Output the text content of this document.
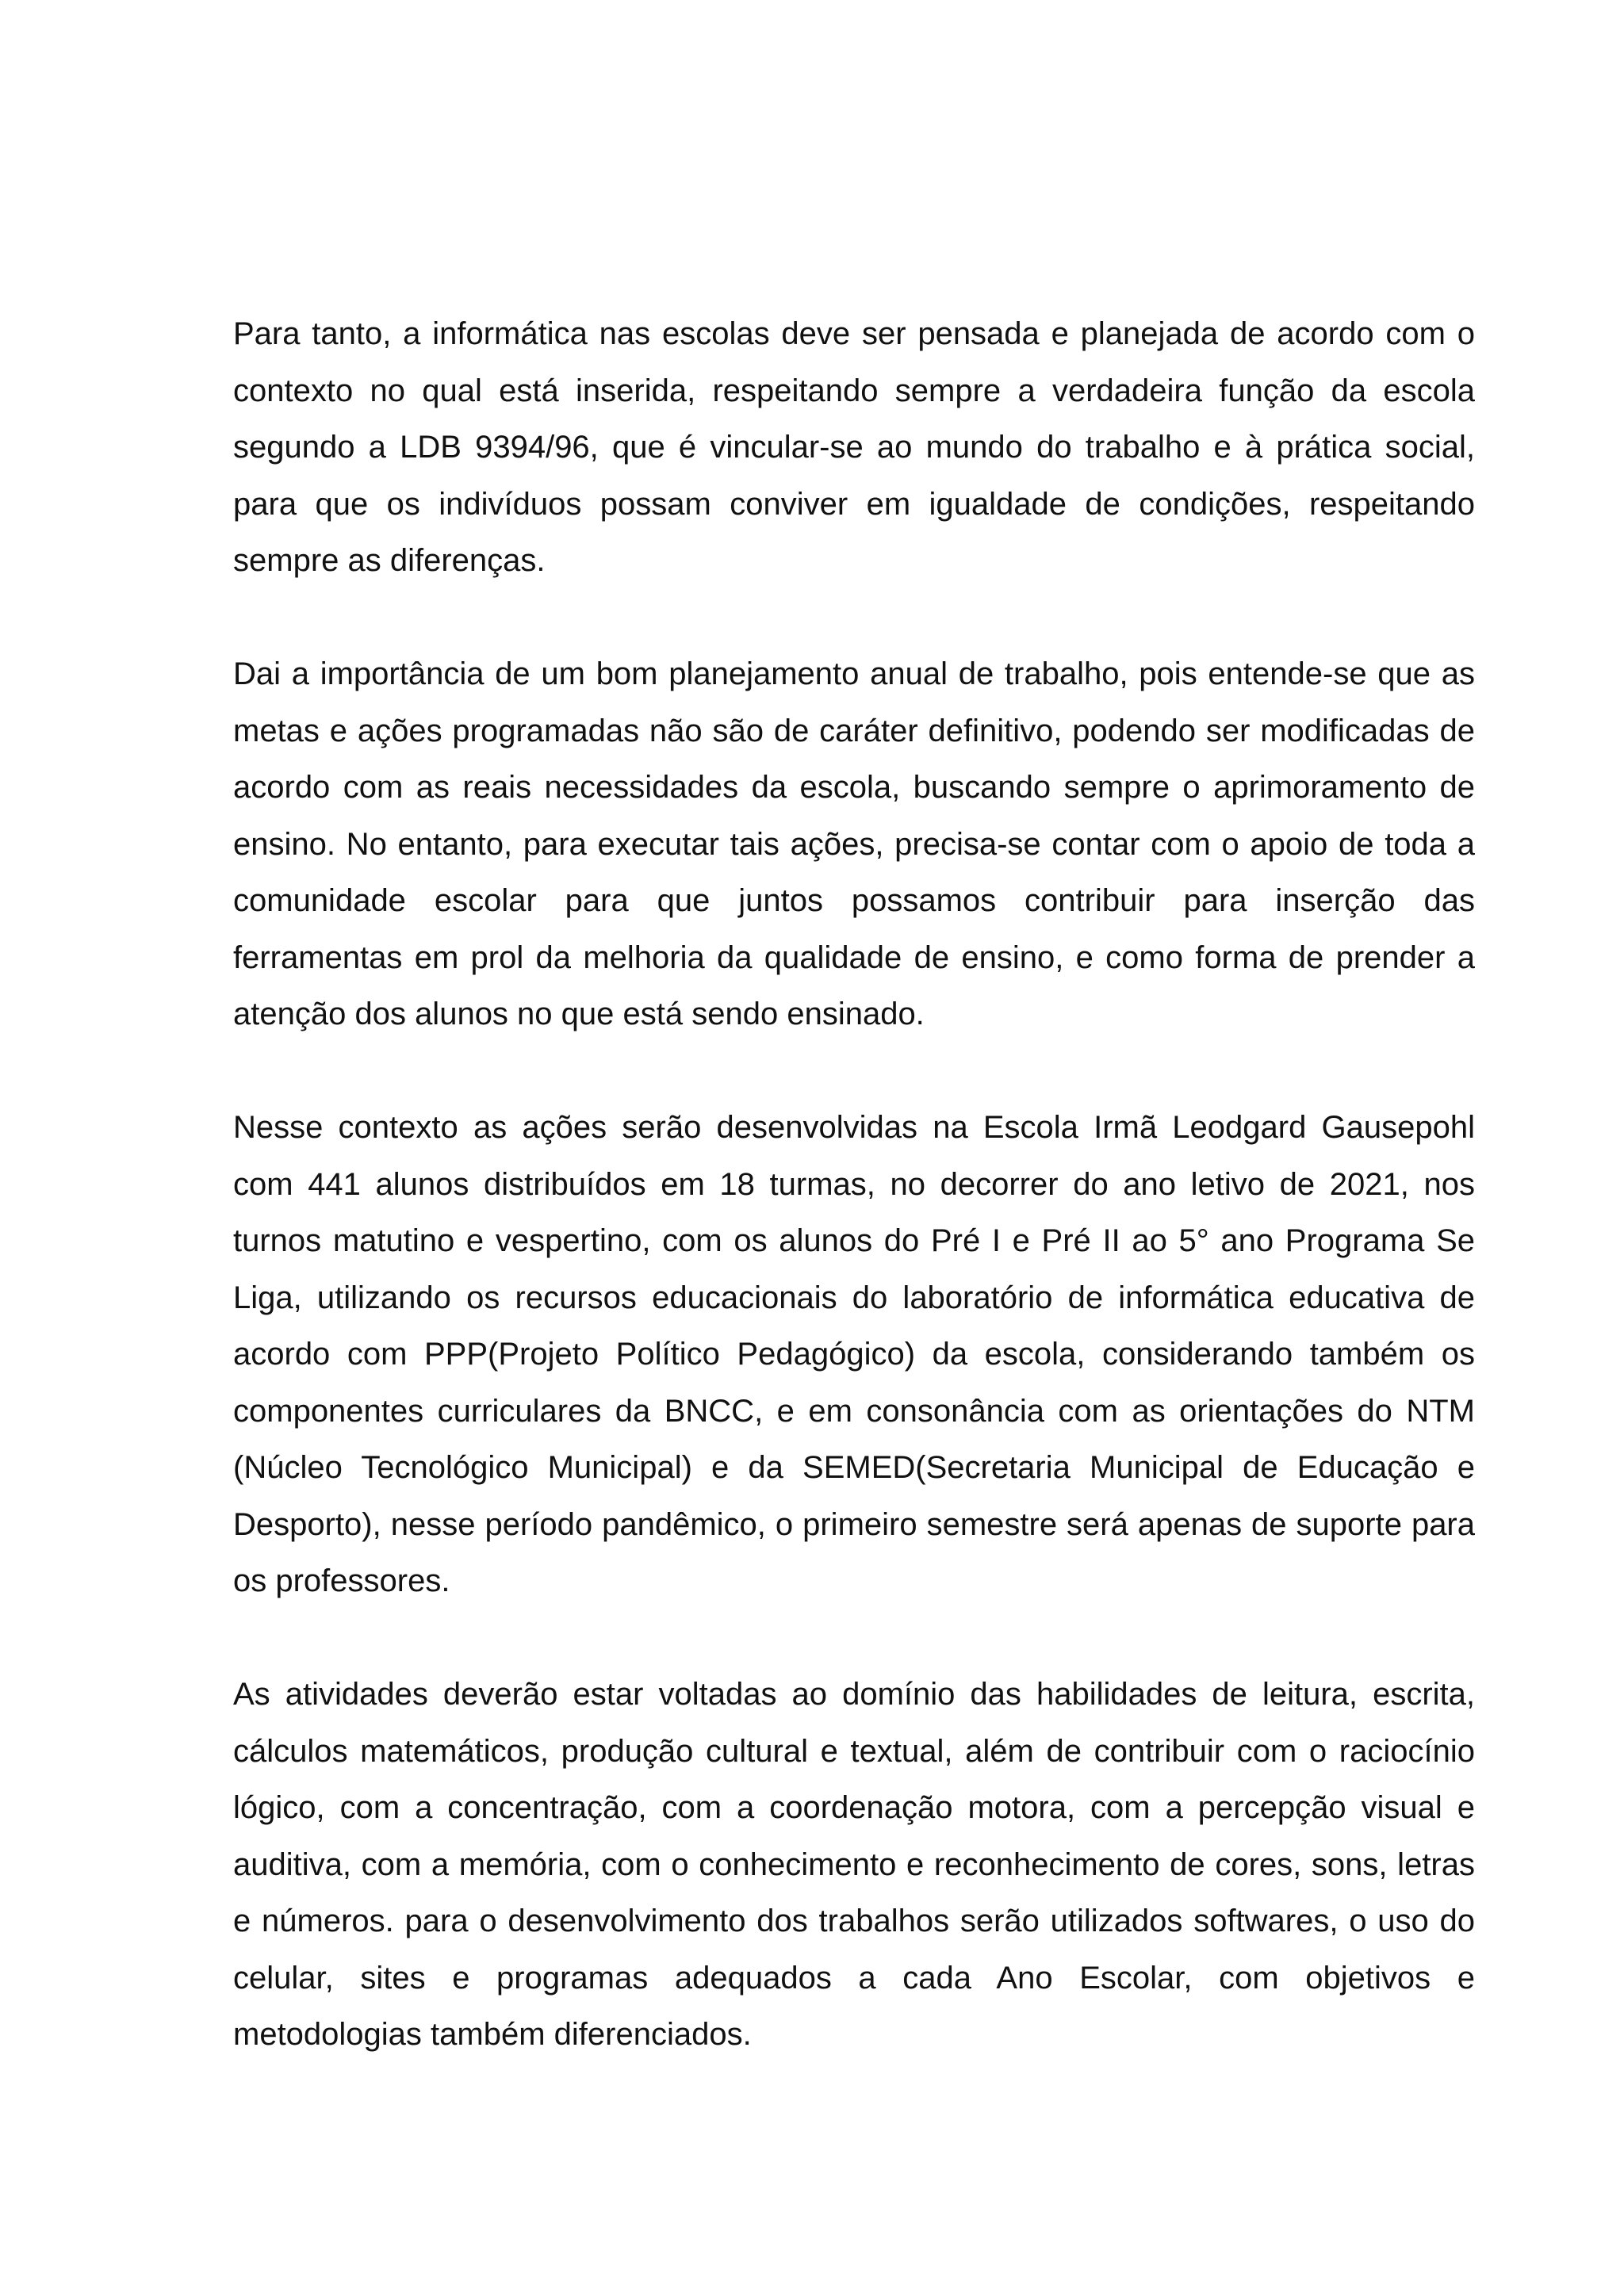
Para tanto, a informática nas escolas deve ser pensada e planejada de acordo com o contexto no qual está inserida, respeitando sempre a verdadeira função da escola segundo a LDB 9394/96, que é vincular-se ao mundo do trabalho e à prática social, para que os indivíduos possam conviver em igualdade de condições, respeitando sempre as diferenças.

Dai a importância de um bom planejamento anual de trabalho, pois entende-se que as metas e ações programadas não são de caráter definitivo, podendo ser modificadas de acordo com as reais necessidades da escola, buscando sempre o aprimoramento de ensino. No entanto, para executar tais ações, precisa-se contar com o apoio de toda a comunidade escolar para que juntos possamos contribuir para inserção das ferramentas em prol da melhoria da qualidade de ensino, e como forma de prender a atenção dos alunos no que está sendo ensinado.

Nesse contexto as ações serão desenvolvidas na Escola Irmã Leodgard Gausepohl com 441 alunos distribuídos em 18 turmas, no decorrer do ano letivo de 2021, nos turnos matutino e vespertino, com os alunos do Pré I e Pré II ao 5° ano Programa Se Liga, utilizando os recursos educacionais do laboratório de informática educativa de acordo com PPP(Projeto Político Pedagógico) da escola, considerando também os componentes curriculares da BNCC, e em consonância com as orientações do NTM (Núcleo Tecnológico Municipal) e da SEMED(Secretaria Municipal de Educação e Desporto), nesse período pandêmico, o primeiro semestre será apenas de suporte para os professores.

As atividades deverão estar voltadas ao domínio das habilidades de leitura, escrita, cálculos matemáticos, produção cultural e textual, além de contribuir com o raciocínio lógico, com a concentração, com a coordenação motora, com a percepção visual e auditiva, com a memória, com o conhecimento e reconhecimento de cores, sons, letras e números. para o desenvolvimento dos trabalhos serão utilizados softwares, o uso do celular, sites e programas adequados a cada Ano Escolar, com objetivos e metodologias também diferenciados.
